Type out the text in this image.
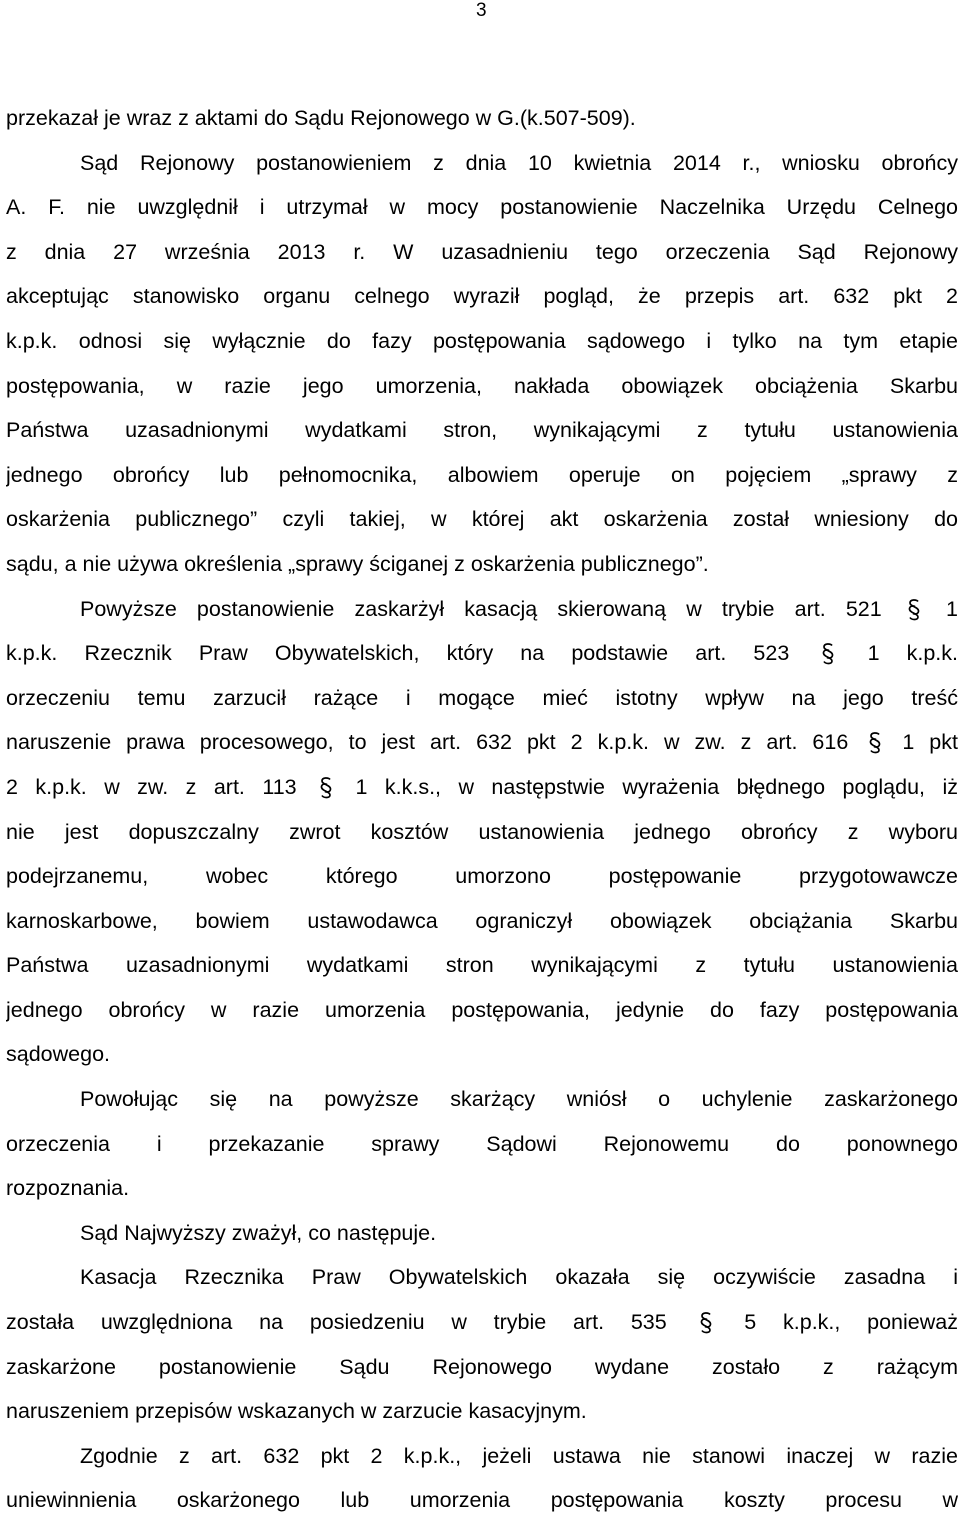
3
przekazał je wraz z aktami do Sądu Rejonowego w G.(k.507-509).
Sąd Rejonowy postanowieniem z dnia 10 kwietnia 2014 r., wniosku obrońcy
A. F. nie uwzględnił i utrzymał w mocy postanowienie Naczelnika Urzędu Celnego
z dnia 27 września 2013 r. W uzasadnieniu tego orzeczenia Sąd Rejonowy
akceptując stanowisko organu celnego wyraził pogląd, że przepis art. 632 pkt 2
k.p.k. odnosi się wyłącznie do fazy postępowania sądowego i tylko na tym etapie
postępowania, w razie jego umorzenia, nakłada obowiązek obciążenia Skarbu
Państwa uzasadnionymi wydatkami stron, wynikającymi z tytułu ustanowienia
jednego obrońcy lub pełnomocnika, albowiem operuje on pojęciem „sprawy z
oskarżenia publicznego” czyli takiej, w której akt oskarżenia został wniesiony do
sądu, a nie używa określenia „sprawy ściganej z oskarżenia publicznego”.
Powyższe postanowienie zaskarżył kasacją skierowaną w trybie art. 521	1
k.p.k. Rzecznik Praw Obywatelskich, który na podstawie art. 523	1 k.p.k.
orzeczeniu temu zarzucił rażące i mogące mieć istotny wpływ na jego treść
naruszenie prawa procesowego, to jest art. 632 pkt 2 k.p.k. w zw. z art. 616	1 pkt
2 k.p.k. w zw. z art. 113	1 k.k.s., w następstwie wyrażenia błędnego poglądu, iż
nie jest dopuszczalny zwrot kosztów ustanowienia jednego obrońcy z wyboru
podejrzanemu, wobec którego umorzono postępowanie przygotowawcze
karnoskarbowe, bowiem ustawodawca ograniczył obowiązek obciążania Skarbu
Państwa uzasadnionymi wydatkami stron wynikającymi z tytułu ustanowienia
jednego obrońcy w razie umorzenia postępowania, jedynie do fazy postępowania
sądowego.
Powołując się na powyższe skarżący wniósł o uchylenie zaskarżonego
orzeczenia i przekazanie sprawy Sądowi Rejonowemu do ponownego
rozpoznania.
Sąd Najwyższy zważył, co następuje.
Kasacja Rzecznika Praw Obywatelskich okazała się oczywiście zasadna i
została uwzględniona na posiedzeniu w trybie art. 535	5 k.p.k., ponieważ
zaskarżone postanowienie Sądu Rejonowego wydane zostało z rażącym
naruszeniem przepisów wskazanych w zarzucie kasacyjnym.
Zgodnie z art. 632 pkt 2 k.p.k., jeżeli ustawa nie stanowi inaczej w razie
uniewinnienia oskarżonego lub umorzenia postępowania koszty procesu w
